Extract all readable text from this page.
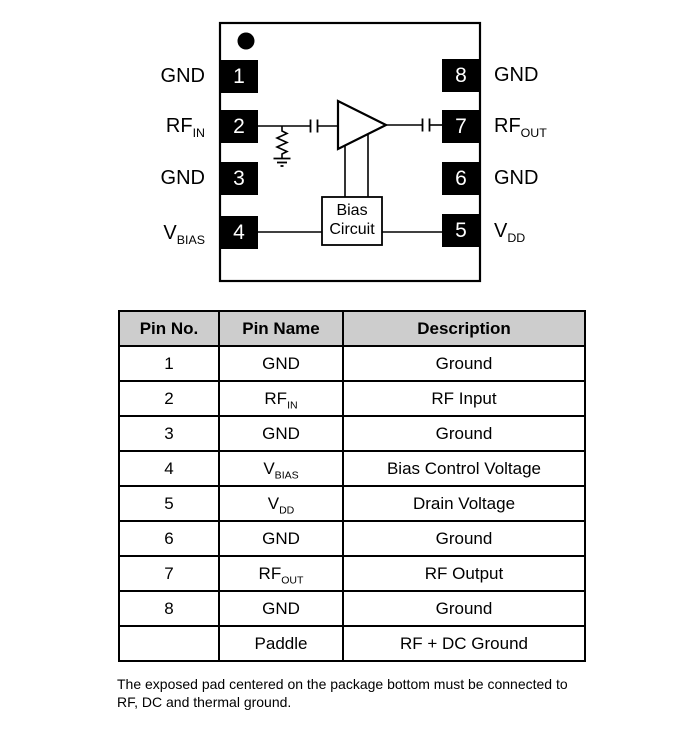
1
2
3
4
8
7
6
5
GND
$RF_{IN}$
GND
$V_{BIAS}$
GND
$RF_{OUT}$
GND
$V_{DD}$
Bias
Circuit
Pin No.	Pin Name	Description
1	GND	Ground
2	$RF_{IN}$	RF Input
3	GND	Ground
4	$V_{BIAS}$	Bias Control Voltage
5	$V_{DD}$	Drain Voltage
6	GND	Ground
7	$RF_{OUT}$	RF Output
8	GND	Ground
	Paddle	RF + DC Ground
The exposed pad centered on the package bottom must be connected to RF, DC and thermal ground.
